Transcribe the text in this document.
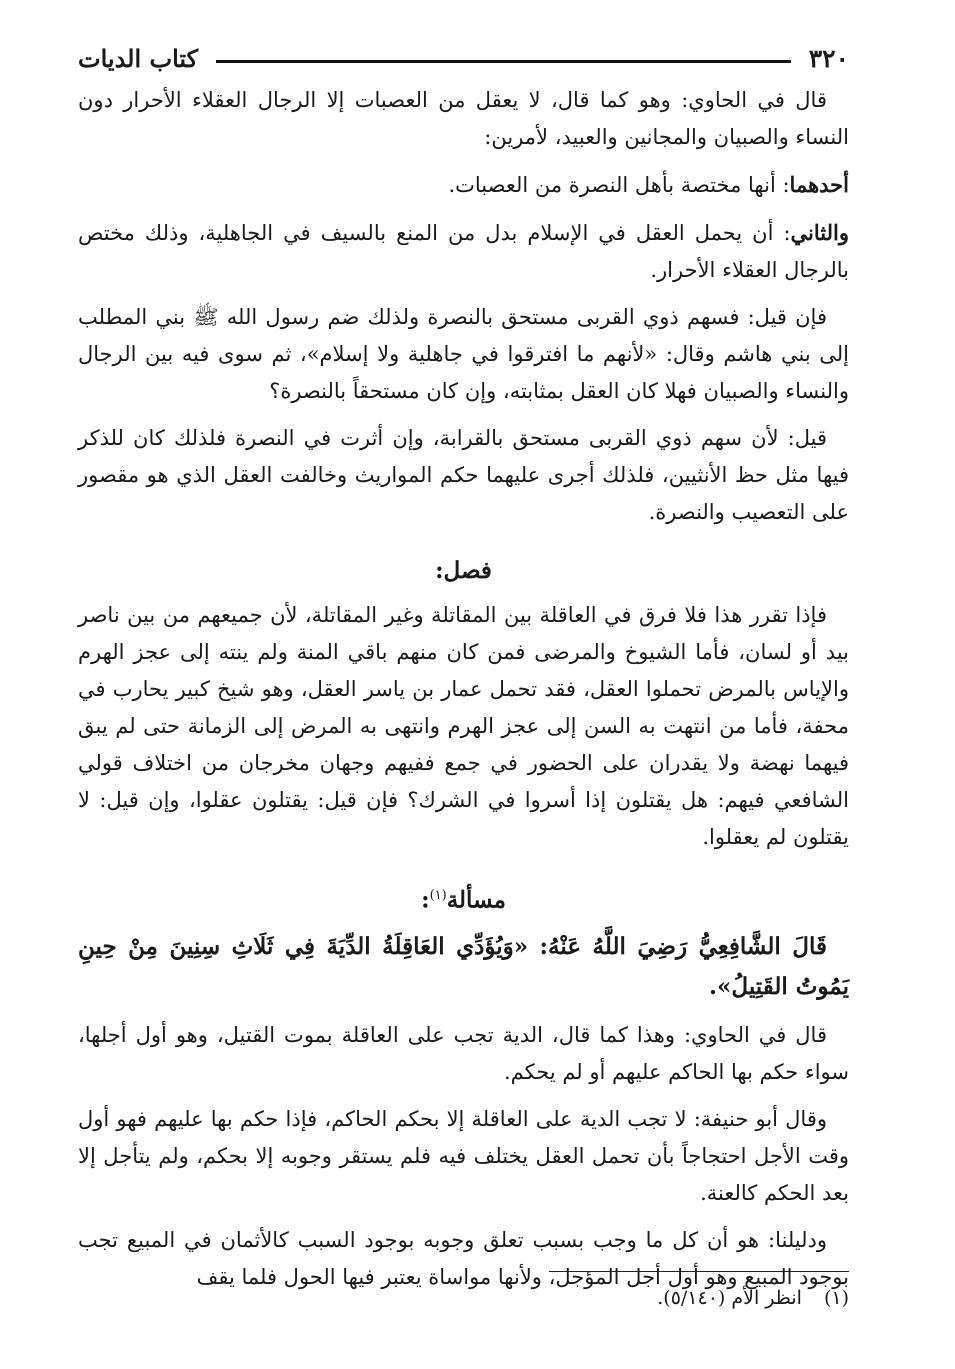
٣٢٠
كتاب الديات

قال في الحاوي: وهو كما قال، لا يعقل من العصبات إلا الرجال العقلاء الأحرار دون النساء والصبيان والمجانين والعبيد، لأمرين:

أحدهما: أنها مختصة بأهل النصرة من العصبات.

والثاني: أن يحمل العقل في الإسلام بدل من المنع بالسيف في الجاهلية، وذلك مختص بالرجال العقلاء الأحرار.

فإن قيل: فسهم ذوي القربى مستحق بالنصرة ولذلك ضم رسول الله ﷺ بني المطلب إلى بني هاشم وقال: «لأنهم ما افترقوا في جاهلية ولا إسلام»، ثم سوى فيه بين الرجال والنساء والصبيان فهلا كان العقل بمثابته، وإن كان مستحقاً بالنصرة؟

قيل: لأن سهم ذوي القربى مستحق بالقرابة، وإن أثرت في النصرة فلذلك كان للذكر فيها مثل حظ الأنثيين، فلذلك أجرى عليهما حكم المواريث وخالفت العقل الذي هو مقصور على التعصيب والنصرة.

فصل:

فإذا تقرر هذا فلا فرق في العاقلة بين المقاتلة وغير المقاتلة، لأن جميعهم من بين ناصر بيد أو لسان، فأما الشيوخ والمرضى فمن كان منهم باقي المنة ولم ينته إلى عجز الهرم والإياس بالمرض تحملوا العقل، فقد تحمل عمار بن ياسر العقل، وهو شيخ كبير يحارب في محفة، فأما من انتهت به السن إلى عجز الهرم وانتهى به المرض إلى الزمانة حتى لم يبق فيهما نهضة ولا يقدران على الحضور في جمع ففيهم وجهان مخرجان من اختلاف قولي الشافعي فيهم: هل يقتلون إذا أسروا في الشرك؟ فإن قيل: يقتلون عقلوا، وإن قيل: لا يقتلون لم يعقلوا.

مسألة$^{(١)}$:

قَالَ الشَّافِعِيُّ رَضِيَ اللَّهُ عَنْهُ: «وَيُؤَدِّي العَاقِلَةُ الدِّيَةَ فِي ثَلَاثِ سِنِينَ مِنْ حِينِ يَمُوتُ القَتِيلُ».

قال في الحاوي: وهذا كما قال، الدية تجب على العاقلة بموت القتيل، وهو أول أجلها، سواء حكم بها الحاكم عليهم أو لم يحكم.

وقال أبو حنيفة: لا تجب الدية على العاقلة إلا بحكم الحاكم، فإذا حكم بها عليهم فهو أول وقت الأجل احتجاجاً بأن تحمل العقل يختلف فيه فلم يستقر وجوبه إلا بحكم، ولم يتأجل إلا بعد الحكم كالعنة.

ودليلنا: هو أن كل ما وجب بسبب تعلق وجوبه بوجود السبب كالأثمان في المبيع تجب بوجود المبيع وهو أول أجل المؤجل، ولأنها مواساة يعتبر فيها الحول فلما يقف

(١)انظر الأم (٥/١٤٠).
